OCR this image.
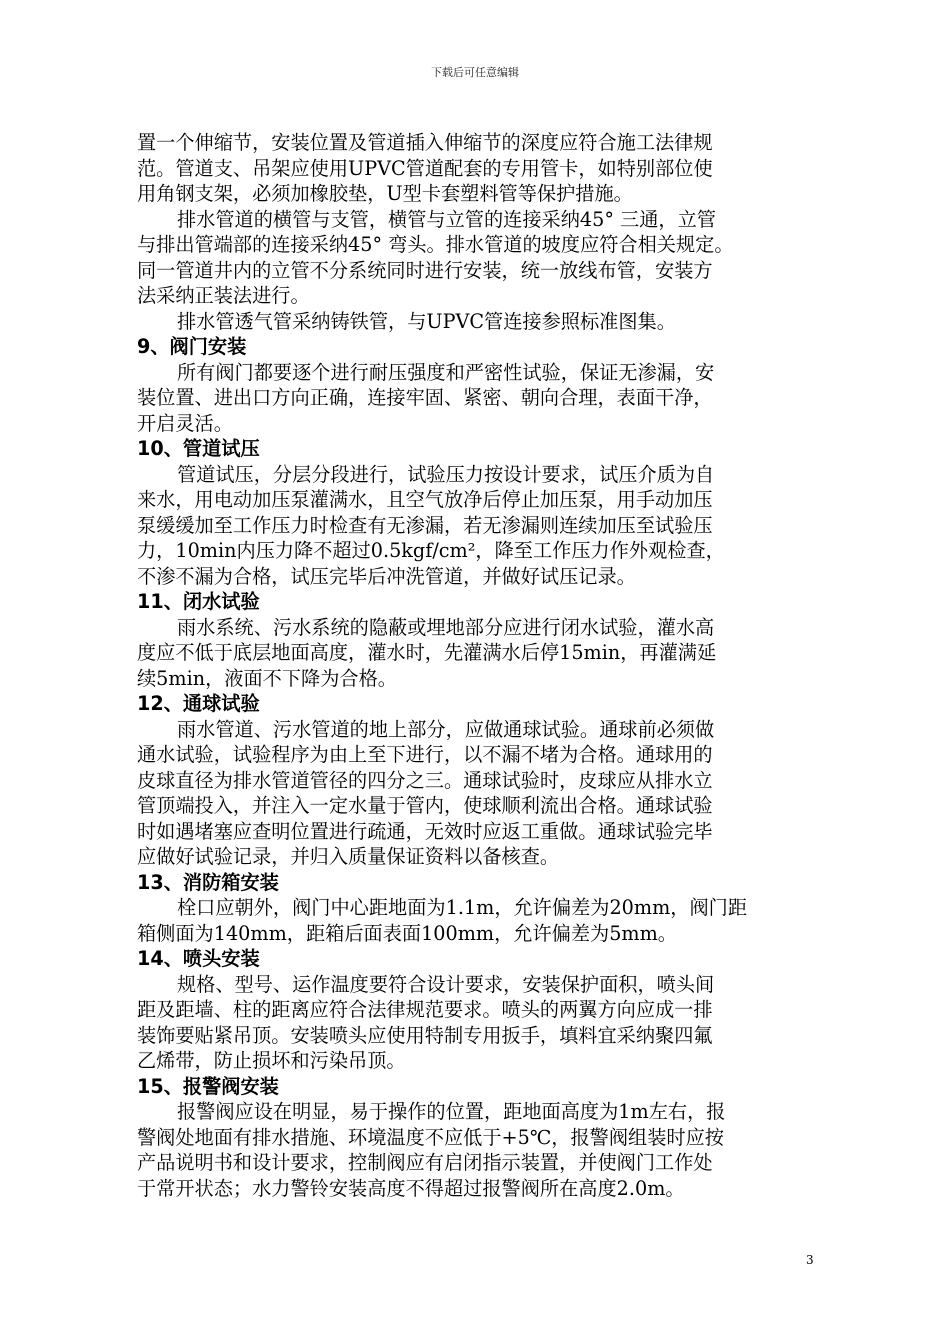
下载后可任意编辑
置一个伸缩节，安装位置及管道插入伸缩节的深度应符合施工法律规
范。管道支、吊架应使用UPVC管道配套的专用管卡，如特别部位使
用角钢支架，必须加橡胶垫，U型卡套塑料管等保护措施。
排水管道的横管与支管，横管与立管的连接采纳45° 三通，立管
与排出管端部的连接采纳45° 弯头。排水管道的坡度应符合相关规定。
同一管道井内的立管不分系统同时进行安装，统一放线布管，安装方
法采纳正装法进行。
排水管透气管采纳铸铁管，与UPVC管连接参照标准图集。
9、阀门安装
所有阀门都要逐个进行耐压强度和严密性试验，保证无渗漏，安
装位置、进出口方向正确，连接牢固、紧密、朝向合理，表面干净，
开启灵活。
10、管道试压
管道试压，分层分段进行，试验压力按设计要求，试压介质为自
来水，用电动加压泵灌满水，且空气放净后停止加压泵，用手动加压
泵缓缓加至工作压力时检查有无渗漏，若无渗漏则连续加压至试验压
力，10min内压力降不超过0.5kgf/cm²，降至工作压力作外观检查，
不渗不漏为合格，试压完毕后冲洗管道，并做好试压记录。
11、闭水试验
雨水系统、污水系统的隐蔽或埋地部分应进行闭水试验，灌水高
度应不低于底层地面高度，灌水时，先灌满水后停15min，再灌满延
续5min，液面不下降为合格。
12、通球试验
雨水管道、污水管道的地上部分，应做通球试验。通球前必须做
通水试验，试验程序为由上至下进行，以不漏不堵为合格。通球用的
皮球直径为排水管道管径的四分之三。通球试验时，皮球应从排水立
管顶端投入，并注入一定水量于管内，使球顺利流出合格。通球试验
时如遇堵塞应查明位置进行疏通，无效时应返工重做。通球试验完毕
应做好试验记录，并归入质量保证资料以备核查。
13、消防箱安装
栓口应朝外，阀门中心距地面为1.1m，允许偏差为20mm，阀门距
箱侧面为140mm，距箱后面表面100mm，允许偏差为5mm。
14、喷头安装
规格、型号、运作温度要符合设计要求，安装保护面积，喷头间
距及距墙、柱的距离应符合法律规范要求。喷头的两翼方向应成一排
装饰要贴紧吊顶。安装喷头应使用特制专用扳手，填料宜采纳聚四氟
乙烯带，防止损坏和污染吊顶。
15、报警阀安装
报警阀应设在明显，易于操作的位置，距地面高度为1m左右，报
警阀处地面有排水措施、环境温度不应低于+5℃，报警阀组装时应按
产品说明书和设计要求，控制阀应有启闭指示装置，并使阀门工作处
于常开状态；水力警铃安装高度不得超过报警阀所在高度2.0m。
3
